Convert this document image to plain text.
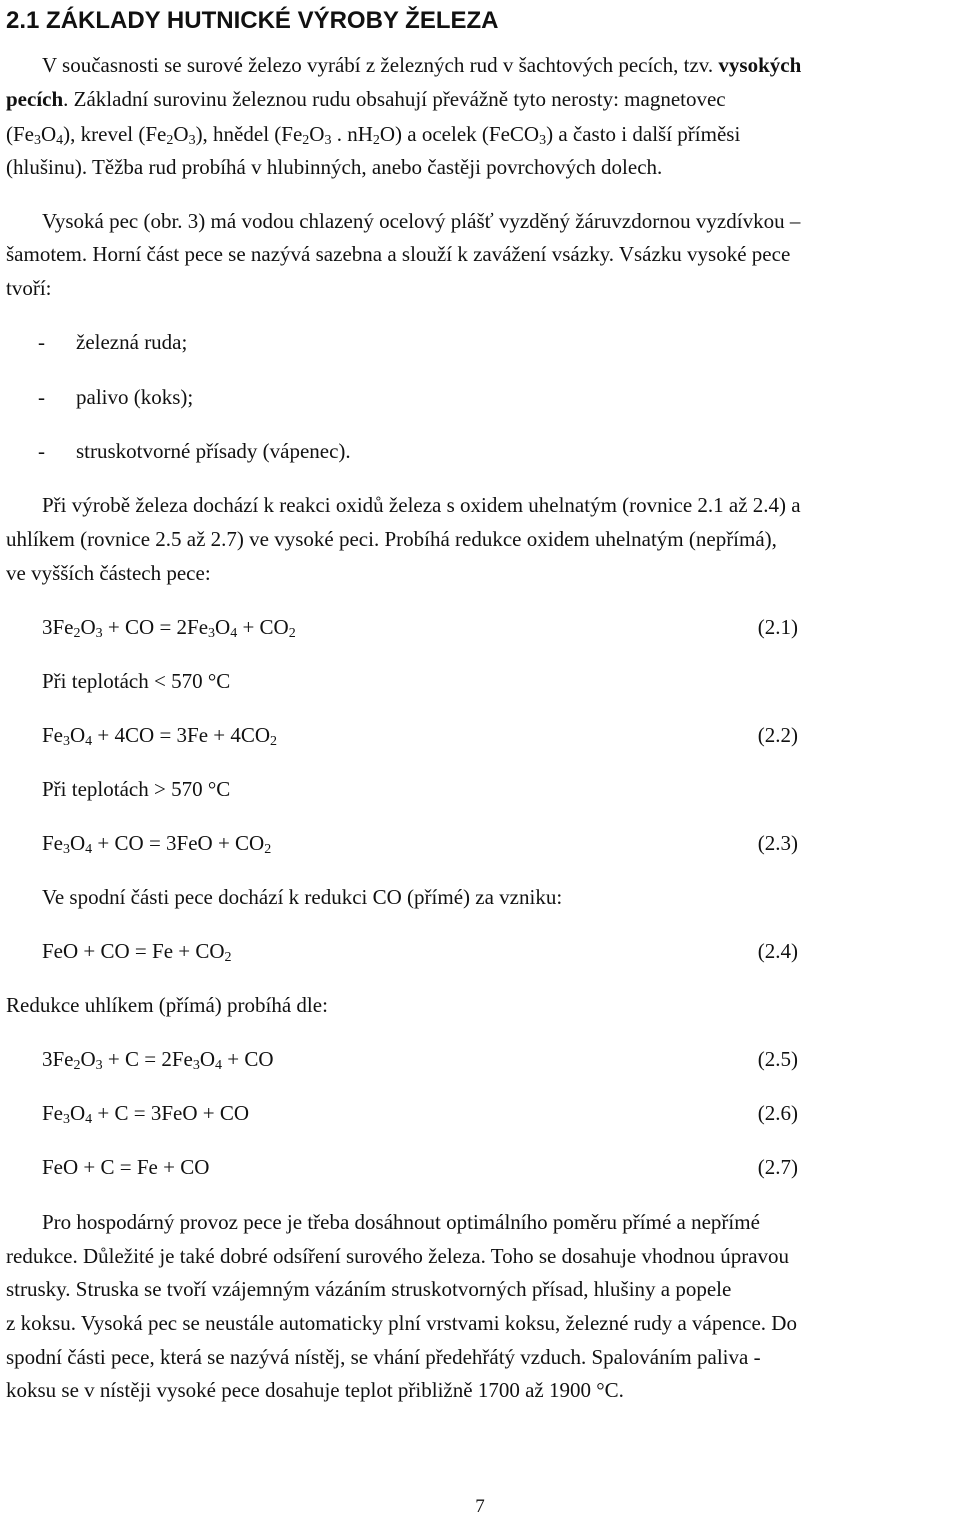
2.1 ZÁKLADY HUTNICKÉ VÝROBY ŽELEZA
V současnosti se surové železo vyrábí z železných rud v šachtových pecích, tzv. vysokých
pecích. Základní surovinu železnou rudu obsahují převážně tyto nerosty: magnetovec
$(Fe_3O_4)$, krevel $(Fe_2O_3)$, hnědel ($Fe_2O_3$ . $nH_2O$) a ocelek (FeCO$_3$) a často i další příměsi
(hlušinu). Těžba rud probíhá v hlubinných, anebo častěji povrchových dolech.
Vysoká pec (obr. 3) má vodou chlazený ocelový plášť vyzděný žáruvzdornou vyzdívkou –
šamotem. Horní část pece se nazývá sazebna a slouží k zavážení vsázky. Vsázku vysoké pece
tvoří:
- železná ruda;
- palivo (koks);
- struskotvorné přísady (vápenec).
Při výrobě železa dochází k reakci oxidů železa s oxidem uhelnatým (rovnice 2.1 až 2.4) a
uhlíkem (rovnice 2.5 až 2.7) ve vysoké peci. Probíhá redukce oxidem uhelnatým (nepřímá),
ve vyšších částech pece:
$3Fe_2O_3$ + CO = $2Fe_3O_4 + CO_2$	(2.1)
Při teplotách < 570 °C
$Fe_3O_4 + 4CO = 3Fe + 4CO_2$	(2.2)
Při teplotách > 570 °C
$Fe_3O_4$ + CO = $3FeO + CO_2$	(2.3)
Ve spodní části pece dochází k redukci CO (přímé) za vzniku:
FeO + CO = $Fe + CO_2$	(2.4)
Redukce uhlíkem (přímá) probíhá dle:
$3Fe_2O_3 + C = 2Fe_3O_4$ + CO	(2.5)
$Fe_3O_4 + C = 3FeO$ + CO	(2.6)
FeO + C = Fe + CO	(2.7)
Pro hospodárný provoz pece je třeba dosáhnout optimálního poměru přímé a nepřímé
redukce. Důležité je také dobré odsíření surového železa. Toho se dosahuje vhodnou úpravou
strusky. Struska se tvoří vzájemným vázáním struskotvorných přísad, hlušiny a popele
z koksu. Vysoká pec se neustále automaticky plní vrstvami koksu, železné rudy a vápence. Do
spodní části pece, která se nazývá nístěj, se vhání předehřátý vzduch. Spalováním paliva -
koksu se v nístěji vysoké pece dosahuje teplot přibližně 1700 až 1900 °C.
7
